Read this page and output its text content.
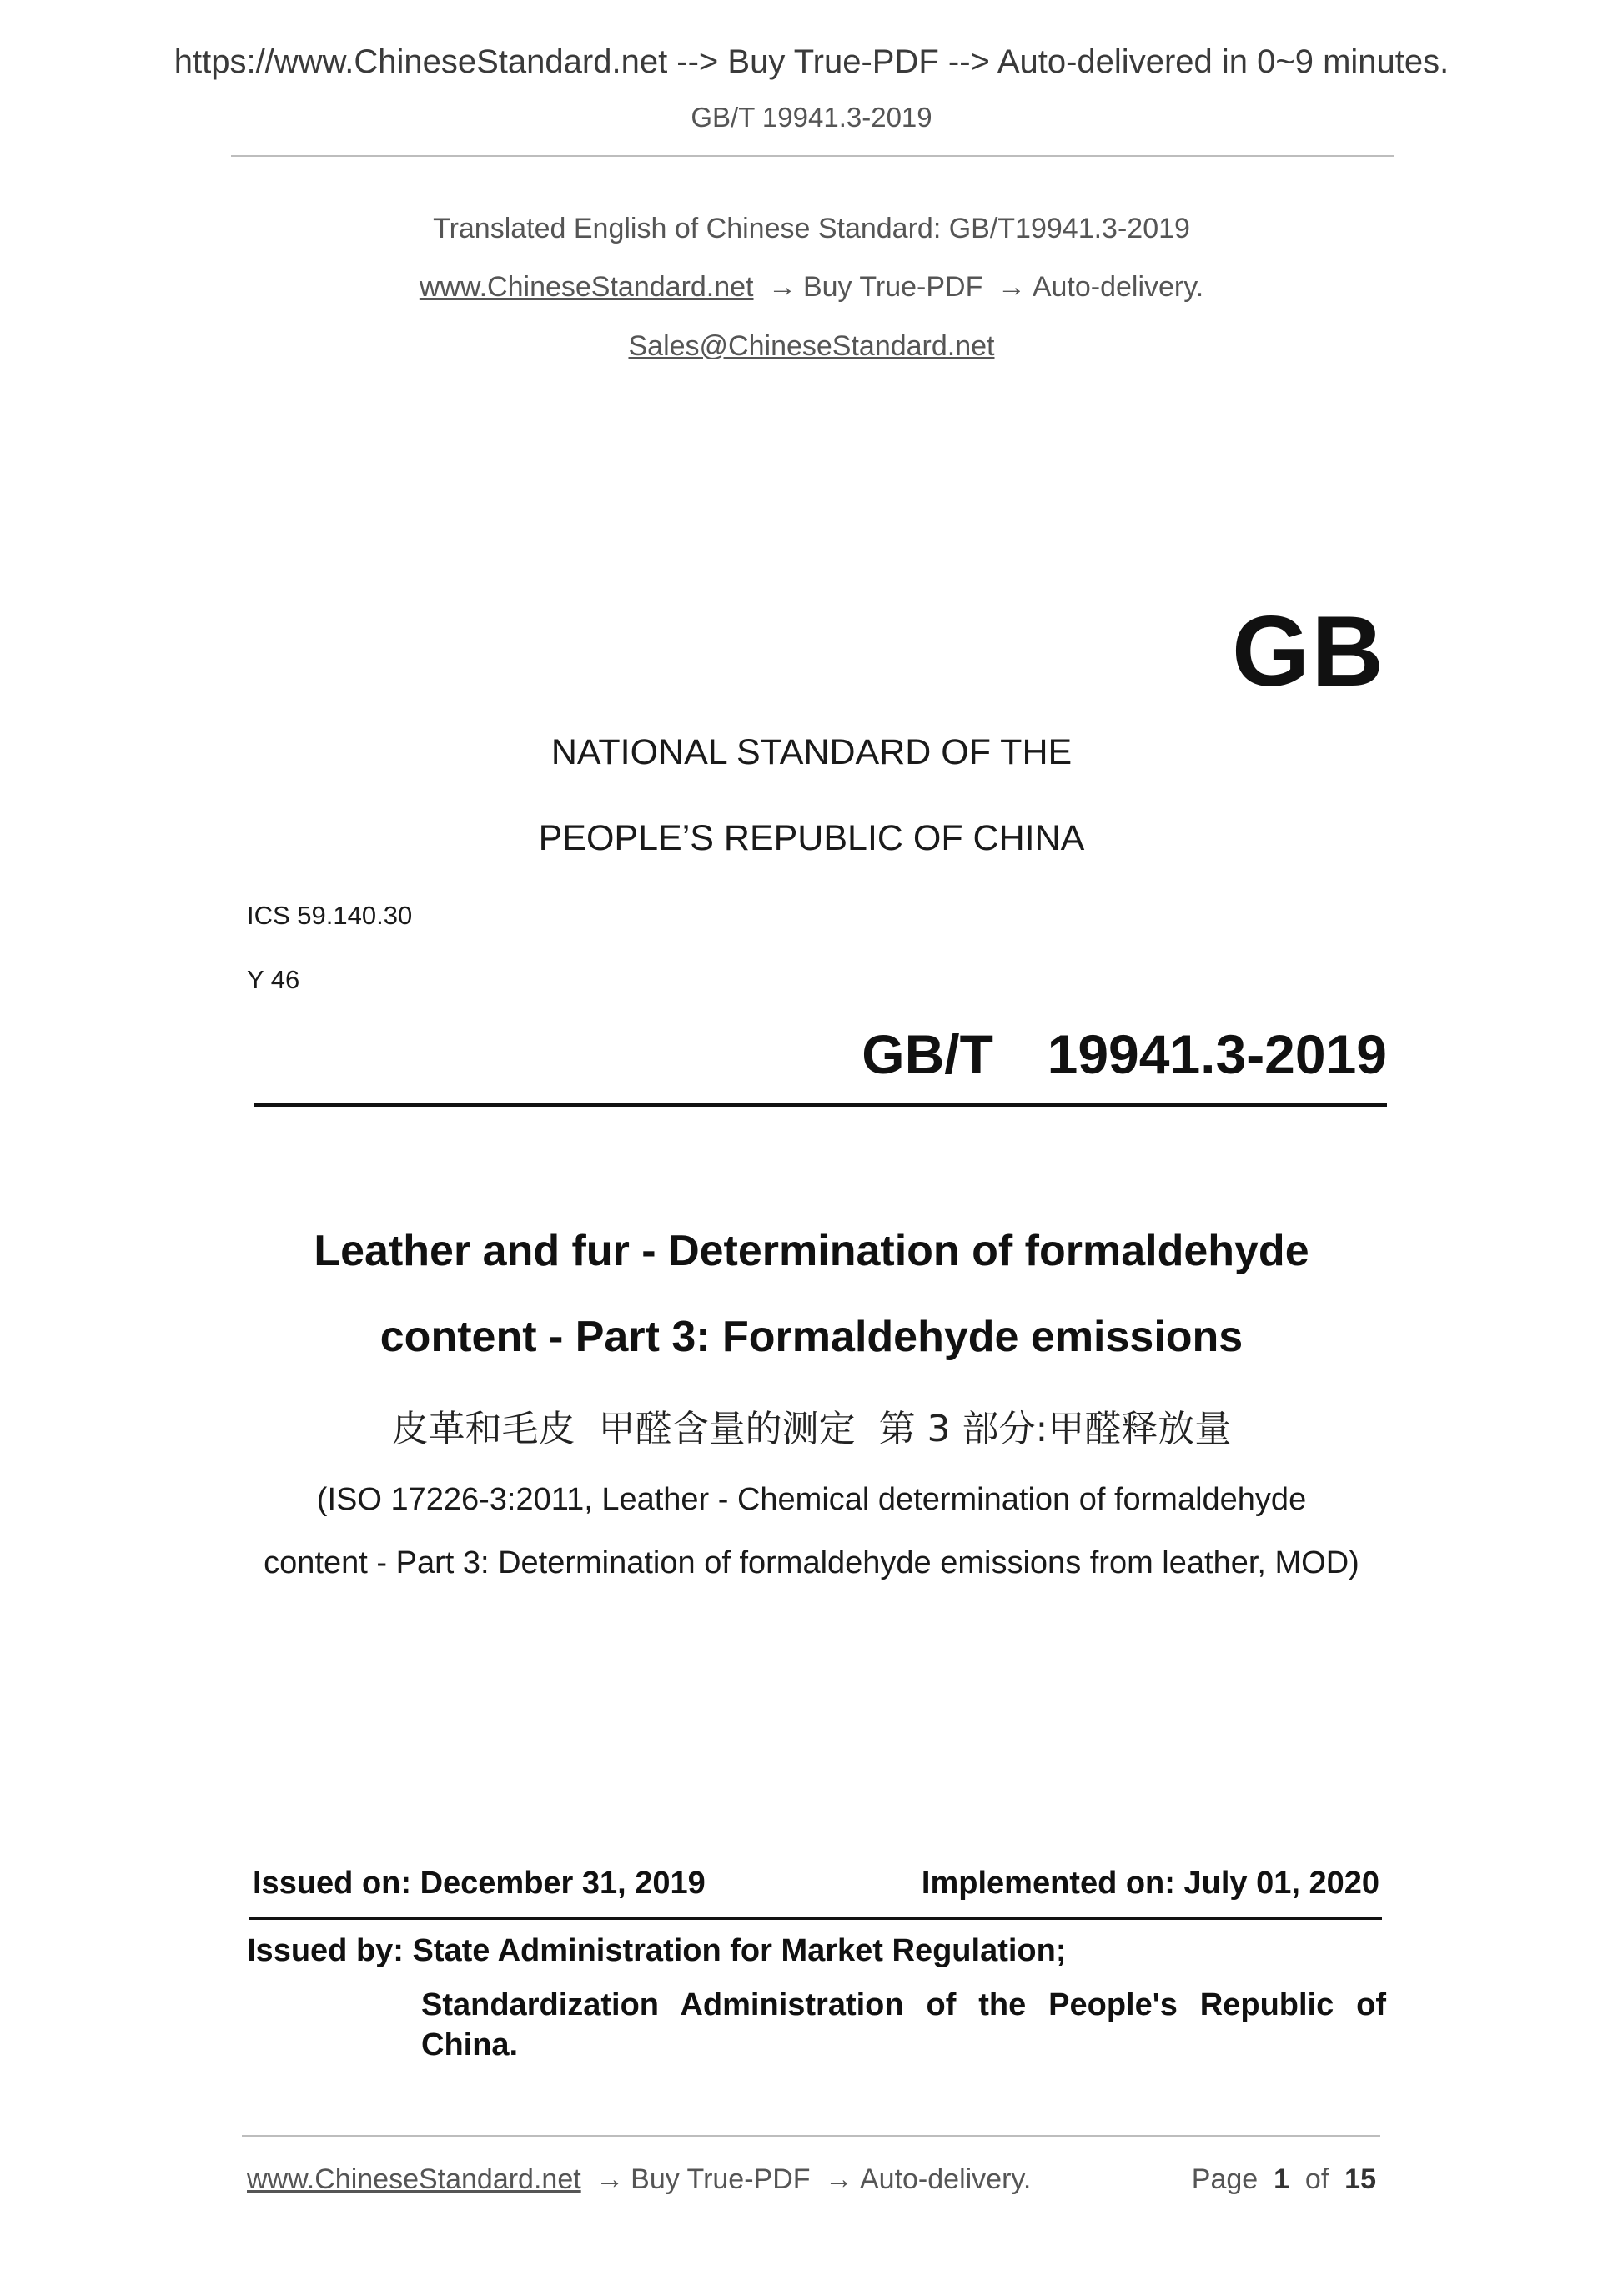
https://www.ChineseStandard.net --> Buy True-PDF --> Auto-delivered in 0~9 minutes.
GB/T 19941.3-2019
Translated English of Chinese Standard: GB/T19941.3-2019
www.ChineseStandard.net → Buy True-PDF → Auto-delivery.
Sales@ChineseStandard.net
GB
NATIONAL STANDARD OF THE
PEOPLE’S REPUBLIC OF CHINA
ICS 59.140.30
Y 46
GB/T  19941.3-2019
Leather and fur - Determination of formaldehyde
content - Part 3: Formaldehyde emissions
皮革和毛皮  甲醛含量的测定  第 3 部分:甲醛释放量
(ISO 17226-3:2011, Leather - Chemical determination of formaldehyde
content - Part 3: Determination of formaldehyde emissions from leather, MOD)
Issued on: December 31, 2019	Implemented on: July 01, 2020
Issued by: State Administration for Market Regulation;
Standardization Administration of the People's Republic of
China.
www.ChineseStandard.net → Buy True-PDF → Auto-delivery.	Page 1 of 15
